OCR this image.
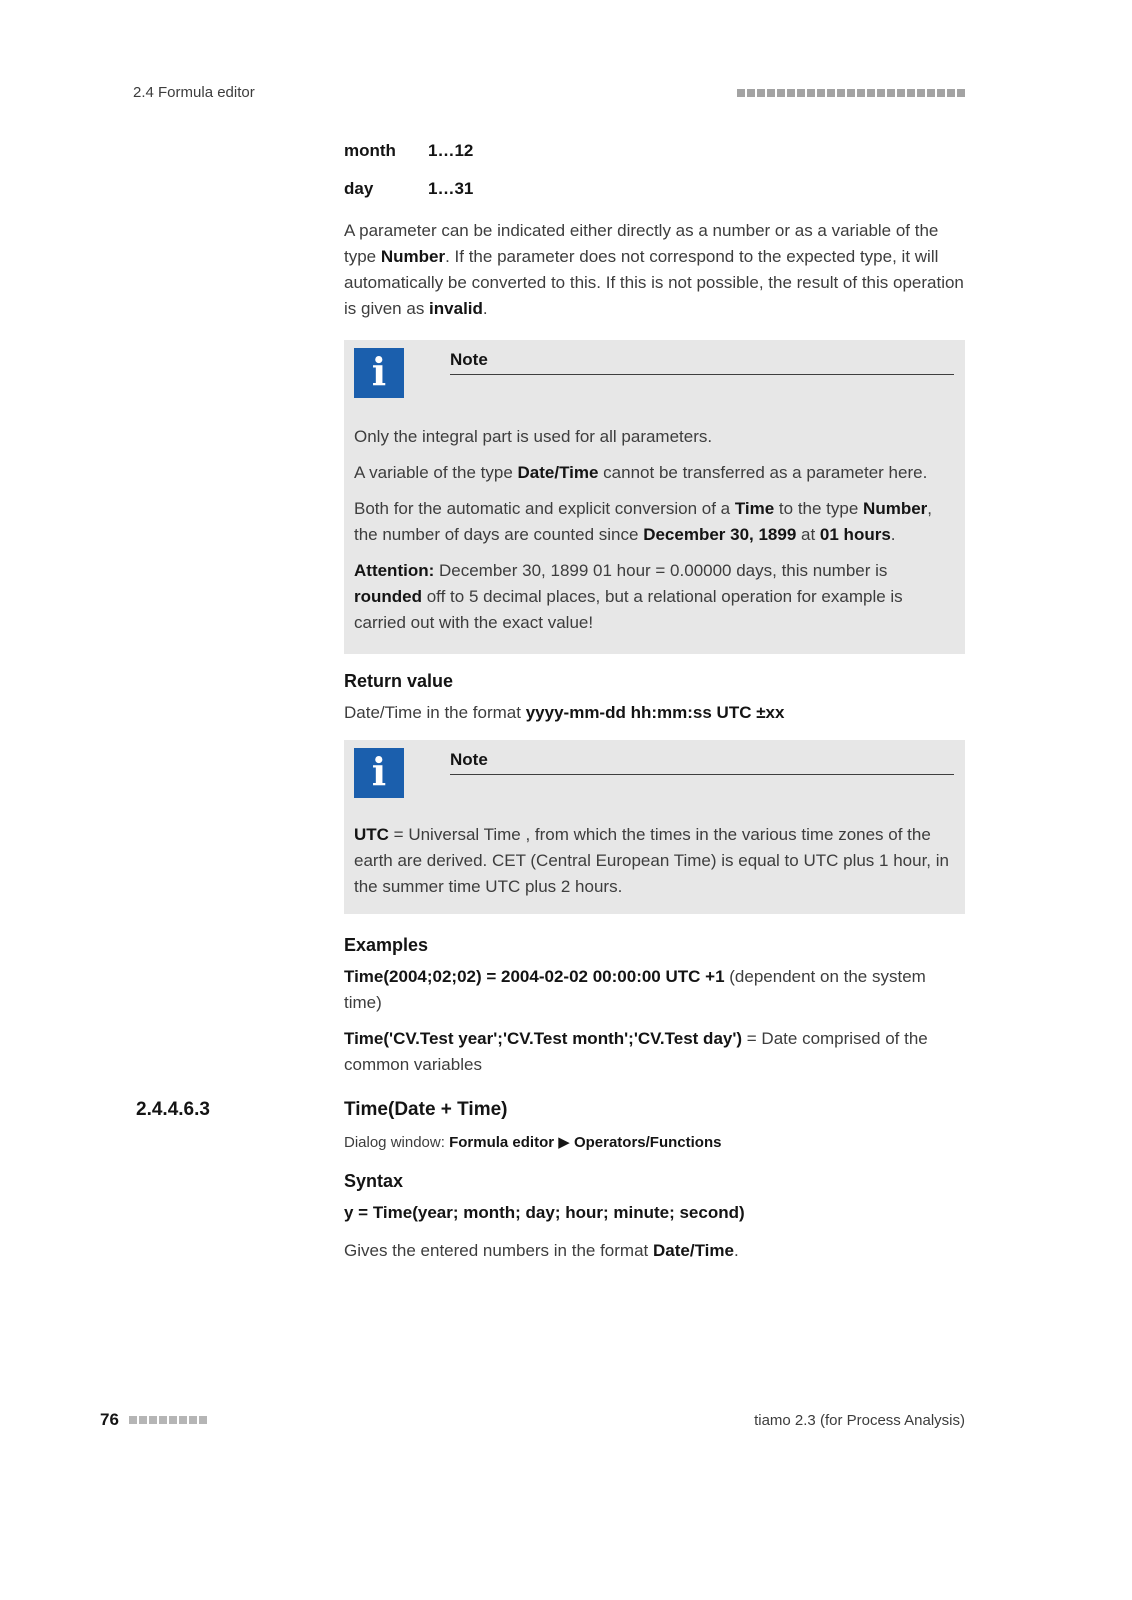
2.4 Formula editor
month	1…12
day	1…31

A parameter can be indicated either directly as a number or as a variable of the type Number. If the parameter does not correspond to the expected type, it will automatically be converted to this. If this is not possible, the result of this operation is given as invalid.

i	Note

Only the integral part is used for all parameters.

A variable of the type Date/Time cannot be transferred as a parameter here.

Both for the automatic and explicit conversion of a Time to the type Number, the number of days are counted since December 30, 1899 at 01 hours.

Attention: December 30, 1899 01 hour = 0.00000 days, this number is rounded off to 5 decimal places, but a relational operation for example is carried out with the exact value!

Return value

Date/Time in the format yyyy-mm-dd hh:mm:ss UTC ±xx

i	Note

UTC = Universal Time , from which the times in the various time zones of the earth are derived. CET (Central European Time) is equal to UTC plus 1 hour, in the summer time UTC plus 2 hours.

Examples

Time(2004;02;02) = 2004-02-02 00:00:00 UTC +1 (dependent on the system time)

Time('CV.Test year';'CV.Test month';'CV.Test day') = Date comprised of the common variables

2.4.4.6.3	Time(Date + Time)

Dialog window: Formula editor ▶ Operators/Functions

Syntax

y = Time(year; month; day; hour; minute; second)

Gives the entered numbers in the format Date/Time.

76	tiamo 2.3 (for Process Analysis)
